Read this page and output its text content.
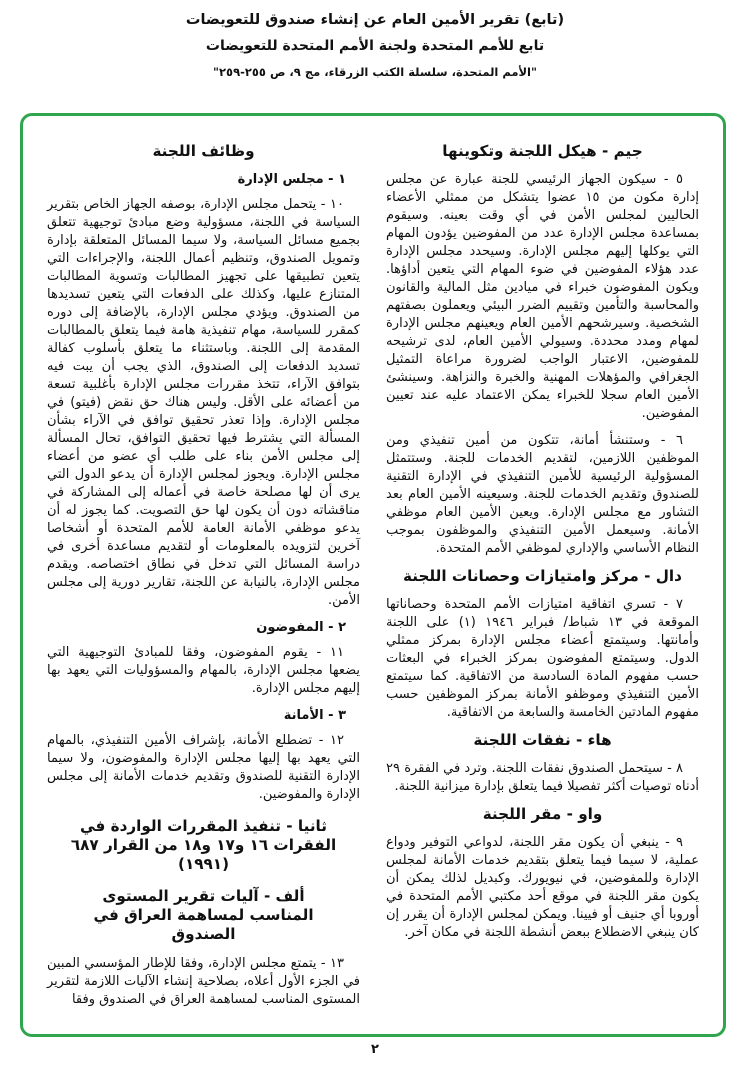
(تابع) تقرير الأمين العام عن إنشاء صندوق للتعويضات
تابع للأمم المتحدة ولجنة الأمم المتحدة للتعويضات
"الأمم المتحدة، سلسلة الكتب الزرقاء، مج ٩، ص ٢٥٥-٢٥٩"
جيم - هيكل اللجنة وتكوينها

٥ - سيكون الجهاز الرئيسي للجنة عبارة عن مجلس إدارة مكون من ١٥ عضوا يتشكل من ممثلي الأعضاء الحاليين لمجلس الأمن في أي وقت بعينه. وسيقوم بمساعدة مجلس الإدارة عدد من المفوضين يؤدون المهام التي يوكلها إليهم مجلس الإدارة. وسيحدد مجلس الإدارة عدد هؤلاء المفوضين في ضوء المهام التي يتعين أداؤها. ويكون المفوضون خبراء في ميادين مثل المالية والقانون والمحاسبة والتأمين وتقييم الضرر البيئي ويعملون بصفتهم الشخصية. وسيرشحهم الأمين العام ويعينهم مجلس الإدارة لمهام ومدد محددة. وسيولي الأمين العام، لدى ترشيحه للمفوضين، الاعتبار الواجب لضرورة مراعاة التمثيل الجغرافي والمؤهلات المهنية والخبرة والنزاهة. وسينشئ الأمين العام سجلا للخبراء يمكن الاعتماد عليه عند تعيين المفوضين.

٦ - وستنشأ أمانة، تتكون من أمين تنفيذي ومن الموظفين اللازمين، لتقديم الخدمات للجنة. وستتمثل المسؤولية الرئيسية للأمين التنفيذي في الإدارة التقنية للصندوق وتقديم الخدمات للجنة. وسيعينه الأمين العام بعد التشاور مع مجلس الإدارة. ويعين الأمين العام موظفي الأمانة. وسيعمل الأمين التنفيذي والموظفون بموجب النظام الأساسي والإداري لموظفي الأمم المتحدة.

دال - مركز وامتيازات وحصانات اللجنة

٧ - تسري اتفاقية امتيازات الأمم المتحدة وحصاناتها الموقعة في ١٣ شباط/ فبراير ١٩٤٦ (١) على اللجنة وأمانتها. وسيتمتع أعضاء مجلس الإدارة بمركز ممثلي الدول. وسيتمتع المفوضون بمركز الخبراء في البعثات حسب مفهوم المادة السادسة من الاتفاقية. كما سيتمتع الأمين التنفيذي وموظفو الأمانة بمركز الموظفين حسب مفهوم المادتين الخامسة والسابعة من الاتفاقية.

هاء - نفقات اللجنة

٨ - سيتحمل الصندوق نفقات اللجنة. وترد في الفقرة ٢٩ أدناه توصيات أكثر تفصيلا فيما يتعلق بإدارة ميزانية اللجنة.

واو - مقر اللجنة

٩ - ينبغي أن يكون مقر اللجنة، لدواعي التوفير ودواع عملية، لا سيما فيما يتعلق بتقديم خدمات الأمانة لمجلس الإدارة وللمفوضين، في نيويورك. وكبديل لذلك يمكن أن يكون مقر اللجنة في موقع أحد مكتبي الأمم المتحدة في أوروبا أي جنيف أو فيينا. ويمكن لمجلس الإدارة أن يقرر إن كان ينبغي الاضطلاع ببعض أنشطة اللجنة في مكان آخر.

وظائف اللجنة
١ - مجلس الإدارة

١٠ - يتحمل مجلس الإدارة، بوصفه الجهاز الخاص بتقرير السياسة في اللجنة، مسؤولية وضع مبادئ توجيهية تتعلق بجميع مسائل السياسة، ولا سيما المسائل المتعلقة بإدارة وتمويل الصندوق، وتنظيم أعمال اللجنة، والإجراءات التي يتعين تطبيقها على تجهيز المطالبات وتسوية المطالبات المتنازع عليها، وكذلك على الدفعات التي يتعين تسديدها من الصندوق. ويؤدي مجلس الإدارة، بالإضافة إلى دوره كمقرر للسياسة، مهام تنفيذية هامة فيما يتعلق بالمطالبات المقدمة إلى اللجنة. وباستثناء ما يتعلق بأسلوب كفالة تسديد الدفعات إلى الصندوق، الذي يجب أن يبت فيه بتوافق الآراء، تتخذ مقررات مجلس الإدارة بأغلبية تسعة من أعضائه على الأقل. وليس هناك حق نقض (فيتو) في مجلس الإدارة. وإذا تعذر تحقيق توافق في الآراء بشأن المسألة التي يشترط فيها تحقيق التوافق، تحال المسألة إلى مجلس الأمن بناء على طلب أي عضو من أعضاء مجلس الإدارة. ويجوز لمجلس الإدارة أن يدعو الدول التي يرى أن لها مصلحة خاصة في أعماله إلى المشاركة في مناقشاته دون أن يكون لها حق التصويت. كما يجوز له أن يدعو موظفي الأمانة العامة للأمم المتحدة أو أشخاصا آخرين لتزويده بالمعلومات أو لتقديم مساعدة أخرى في دراسة المسائل التي تدخل في نطاق اختصاصه. ويقدم مجلس الإدارة، بالنيابة عن اللجنة، تقارير دورية إلى مجلس الأمن.

٢ - المفوضون

١١ - يقوم المفوضون، وفقا للمبادئ التوجيهية التي يضعها مجلس الإدارة، بالمهام والمسؤوليات التي يعهد بها إليهم مجلس الإدارة.

٣ - الأمانة

١٢ - تضطلع الأمانة، بإشراف الأمين التنفيذي، بالمهام التي يعهد بها إليها مجلس الإدارة والمفوضون، ولا سيما الإدارة التقنية للصندوق وتقديم خدمات الأمانة إلى مجلس الإدارة والمفوضين.

ثانيا - تنفيذ المقررات الواردة في الفقرات ١٦ و١٧ و١٨ من القرار ٦٨٧ (١٩٩١)
ألف - آليات تقرير المستوى المناسب لمساهمة العراق في الصندوق

١٣ - يتمتع مجلس الإدارة، وفقا للإطار المؤسسي المبين في الجزء الأول أعلاه، بصلاحية إنشاء الآليات اللازمة لتقرير المستوى المناسب لمساهمة العراق في الصندوق وفقا

٢
